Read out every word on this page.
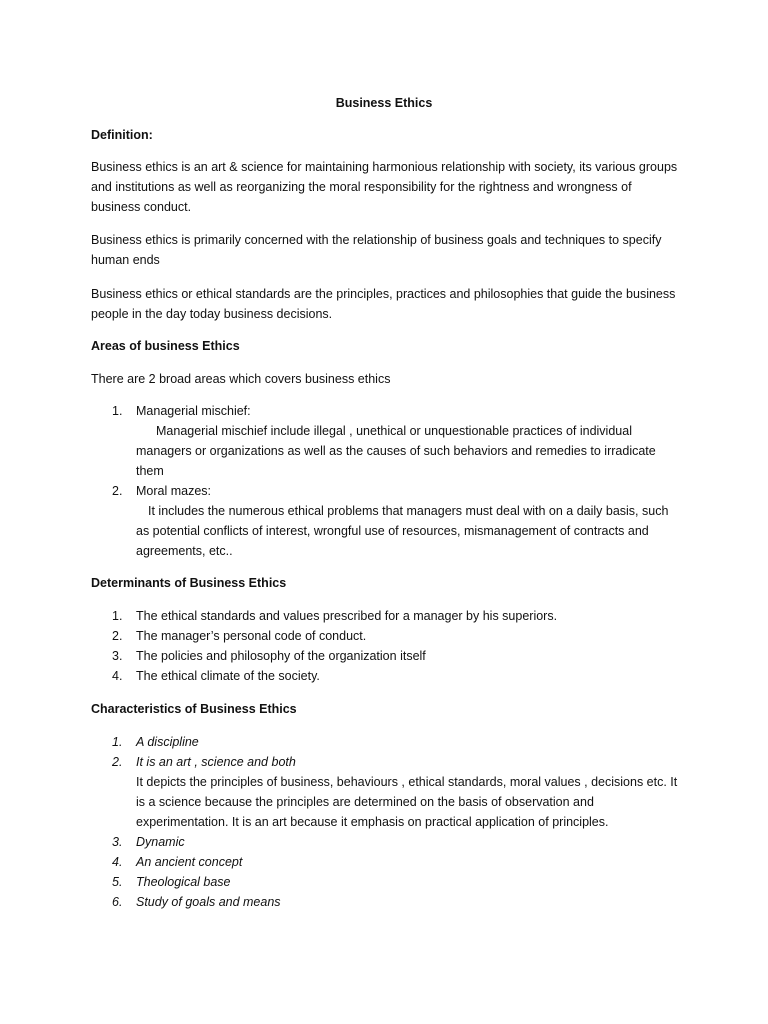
Business Ethics

Definition:

Business ethics is an art & science for maintaining harmonious relationship with society, its various groups and institutions as well as reorganizing the moral responsibility for the rightness and wrongness of business conduct.

Business ethics is primarily concerned with the relationship of business goals and techniques to specify human ends

Business ethics or ethical standards are the principles, practices and philosophies that guide the business people in the day today business decisions.

Areas of business Ethics

There are 2 broad areas which covers business ethics

1. Managerial mischief:
Managerial mischief include illegal , unethical or unquestionable practices of individual managers or organizations as well as the causes of such behaviors and remedies to irradicate them
2. Moral mazes:
It includes the numerous ethical problems that managers must deal with on a daily basis, such as potential conflicts of interest, wrongful use of resources, mismanagement of contracts and agreements, etc..

Determinants of Business Ethics

1. The ethical standards and values prescribed for a manager by his superiors.
2. The manager’s personal code of conduct.
3. The policies and philosophy of the organization itself
4. The ethical climate of the society.

Characteristics of Business Ethics

1. A discipline
2. It is an art , science and both
It depicts the principles of business, behaviours , ethical standards, moral values , decisions etc. It is a science because the principles are determined on the basis of observation and experimentation. It is an art because it emphasis on practical application of principles.
3. Dynamic
4. An ancient concept
5. Theological base
6. Study of goals and means
